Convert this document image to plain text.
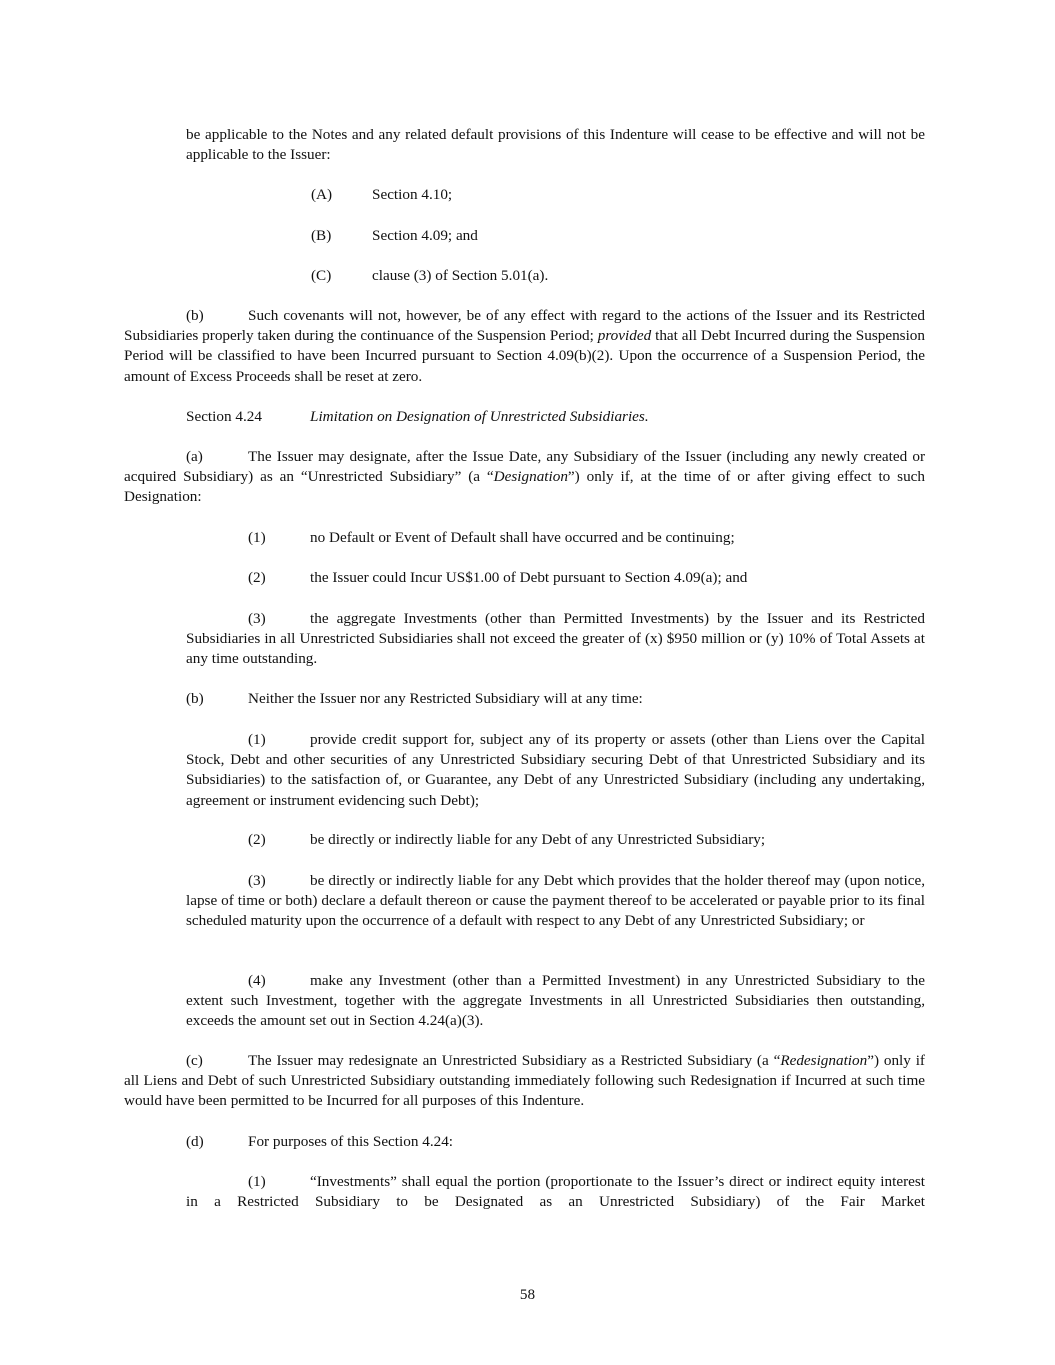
be applicable to the Notes and any related default provisions of this Indenture will cease to be effective and will not be applicable to the Issuer:

(A)	Section 4.10;
(B)	Section 4.09; and
(C)	clause (3) of Section 5.01(a).

(b)	Such covenants will not, however, be of any effect with regard to the actions of the Issuer and its Restricted Subsidiaries properly taken during the continuance of the Suspension Period; provided that all Debt Incurred during the Suspension Period will be classified to have been Incurred pursuant to Section 4.09(b)(2). Upon the occurrence of a Suspension Period, the amount of Excess Proceeds shall be reset at zero.

Section 4.24	Limitation on Designation of Unrestricted Subsidiaries.

(a)	The Issuer may designate, after the Issue Date, any Subsidiary of the Issuer (including any newly created or acquired Subsidiary) as an “Unrestricted Subsidiary” (a “Designation”) only if, at the time of or after giving effect to such Designation:

(1)	no Default or Event of Default shall have occurred and be continuing;
(2)	the Issuer could Incur US$1.00 of Debt pursuant to Section 4.09(a); and

(3)	the aggregate Investments (other than Permitted Investments) by the Issuer and its Restricted Subsidiaries in all Unrestricted Subsidiaries shall not exceed the greater of (x) $950 million or (y) 10% of Total Assets at any time outstanding.

(b)	Neither the Issuer nor any Restricted Subsidiary will at any time:

(1)	provide credit support for, subject any of its property or assets (other than Liens over the Capital Stock, Debt and other securities of any Unrestricted Subsidiary securing Debt of that Unrestricted Subsidiary and its Subsidiaries) to the satisfaction of, or Guarantee, any Debt of any Unrestricted Subsidiary (including any undertaking, agreement or instrument evidencing such Debt);

(2)	be directly or indirectly liable for any Debt of any Unrestricted Subsidiary;

(3)	be directly or indirectly liable for any Debt which provides that the holder thereof may (upon notice, lapse of time or both) declare a default thereon or cause the payment thereof to be accelerated or payable prior to its final scheduled maturity upon the occurrence of a default with respect to any Debt of any Unrestricted Subsidiary; or

(4)	make any Investment (other than a Permitted Investment) in any Unrestricted Subsidiary to the extent such Investment, together with the aggregate Investments in all Unrestricted Subsidiaries then outstanding, exceeds the amount set out in Section 4.24(a)(3).

(c)	The Issuer may redesignate an Unrestricted Subsidiary as a Restricted Subsidiary (a “Redesignation”) only if all Liens and Debt of such Unrestricted Subsidiary outstanding immediately following such Redesignation if Incurred at such time would have been permitted to be Incurred for all purposes of this Indenture.

(d)	For purposes of this Section 4.24:

(1)	“Investments” shall equal the portion (proportionate to the Issuer’s direct or indirect equity interest in a Restricted Subsidiary to be Designated as an Unrestricted Subsidiary) of the Fair Market

58
